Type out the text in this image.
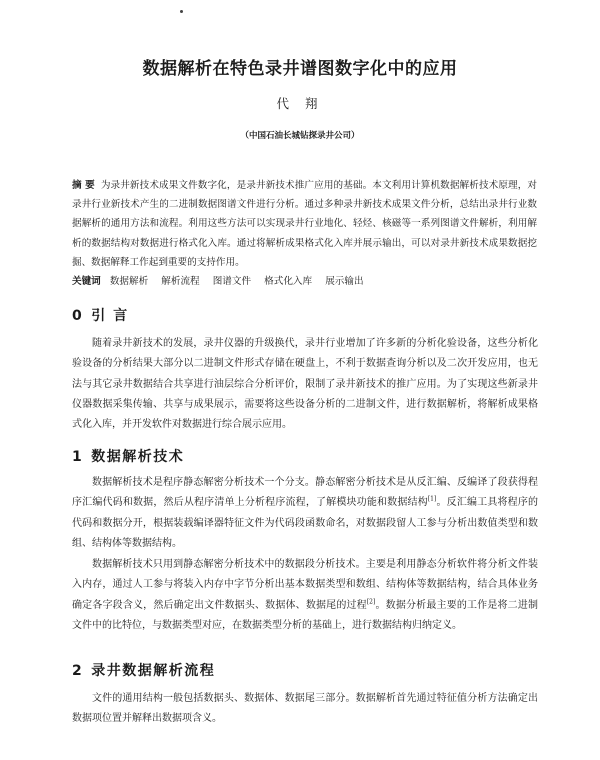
数据解析在特色录井谱图数字化中的应用
代 翔
（中国石油长城钻探录井公司）
摘 要 为录井新技术成果文件数字化，是录井新技术推广应用的基础。本文利用计算机数据解析技术原理，对录井行业新技术产生的二进制数据图谱文件进行分析。通过多种录井新技术成果文件分析，总结出录井行业数据解析的通用方法和流程。利用这些方法可以实现录井行业地化、轻烃、核磁等一系列图谱文件解析，利用解析的数据结构对数据进行格式化入库。通过将解析成果格式化入库并展示输出，可以对录井新技术成果数据挖掘、数据解释工作起到重要的支持作用。
关键词 数据解析 解析流程 图谱文件 格式化入库 展示输出
0 引 言
随着录井新技术的发展，录井仪器的升级换代，录井行业增加了许多新的分析化验设备，这些分析化验设备的分析结果大部分以二进制文件形式存储在硬盘上，不利于数据查询分析以及二次开发应用，也无法与其它录井数据结合共享进行油层综合分析评价，限制了录井新技术的推广应用。为了实现这些新录井仪器数据采集传输、共享与成果展示，需要将这些设备分析的二进制文件，进行数据解析，将解析成果格式化入库，并开发软件对数据进行综合展示应用。
1 数据解析技术
数据解析技术是程序静态解密分析技术一个分支。静态解密分析技术是从反汇编、反编译了段获得程序汇编代码和数据，然后从程序清单上分析程序流程，了解模块功能和数据结构[1]。反汇编工具将程序的代码和数据分开，根据装载编译器特征文件为代码段函数命名，对数据段留人工参与分析出数值类型和数组、结构体等数据结构。
数据解析技术只用到静态解密分析技术中的数据段分析技术。主要是利用静态分析软件将分析文件装入内存，通过人工参与将装入内存中字节分析出基本数据类型和数组、结构体等数据结构，结合具体业务确定各字段含义，然后确定出文件数据头、数据体、数据尾的过程[2]。数据分析最主要的工作是将二进制文件中的比特位，与数据类型对应，在数据类型分析的基础上，进行数据结构归纳定义。
2 录井数据解析流程
文件的通用结构一般包括数据头、数据体、数据尾三部分。数据解析首先通过特征值分析方法确定出数据项位置并解释出数据项含义。
